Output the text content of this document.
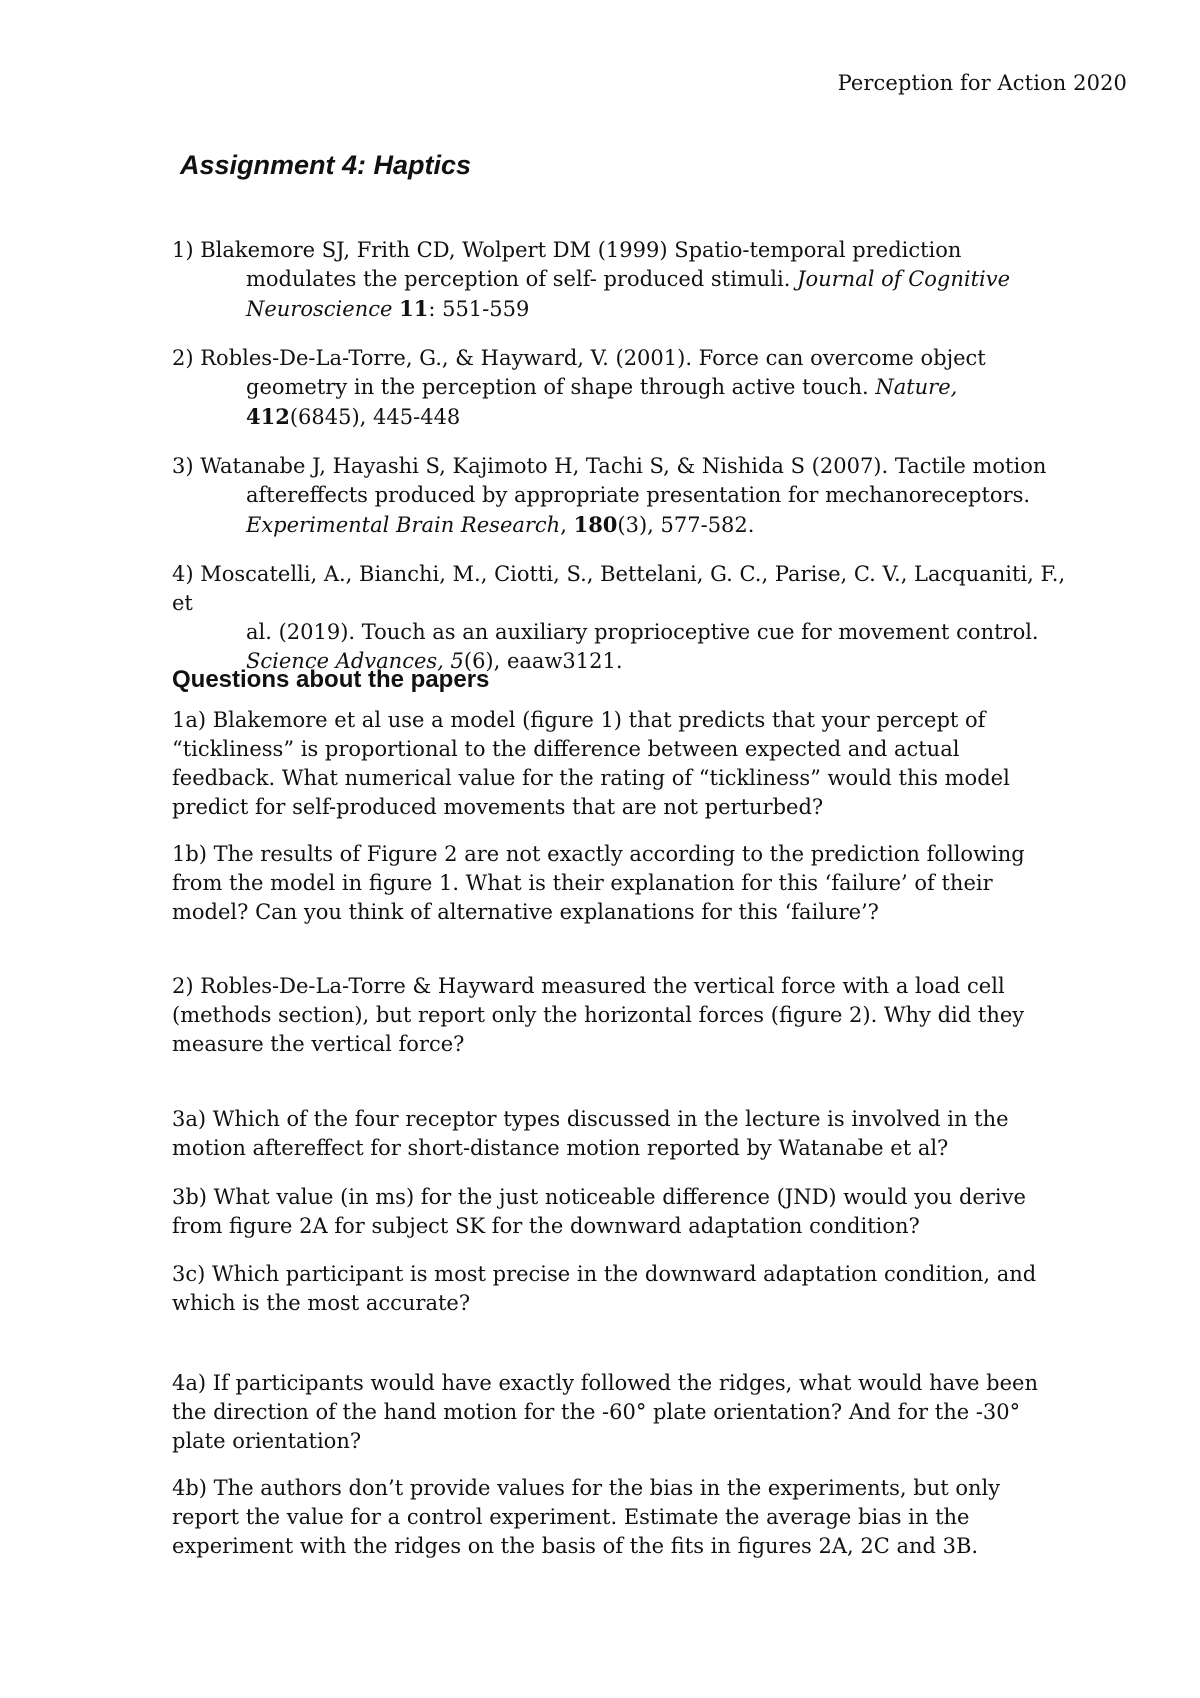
Perception for Action 2020
Assignment 4: Haptics

1) Blakemore SJ, Frith CD, Wolpert DM (1999) Spatio-temporal prediction
modulates the perception of self- produced stimuli. Journal of Cognitive
Neuroscience 11: 551-559

2) Robles-De-La-Torre, G., & Hayward, V. (2001). Force can overcome object
geometry in the perception of shape through active touch. Nature,
412(6845), 445-448

3) Watanabe J, Hayashi S, Kajimoto H, Tachi S, & Nishida S (2007). Tactile motion
aftereffects produced by appropriate presentation for mechanoreceptors.
Experimental Brain Research, 180(3), 577-582.

4) Moscatelli, A., Bianchi, M., Ciotti, S., Bettelani, G. C., Parise, C. V., Lacquaniti, F., et
al. (2019). Touch as an auxiliary proprioceptive cue for movement control.
Science Advances, 5(6), eaaw3121.

Questions about the papers

1a) Blakemore et al use a model (figure 1) that predicts that your percept of
“tickliness” is proportional to the difference between expected and actual
feedback. What numerical value for the rating of “tickliness” would this model
predict for self-produced movements that are not perturbed?

1b) The results of Figure 2 are not exactly according to the prediction following
from the model in figure 1. What is their explanation for this ‘failure’ of their
model? Can you think of alternative explanations for this ‘failure’?

2) Robles-De-La-Torre & Hayward measured the vertical force with a load cell
(methods section), but report only the horizontal forces (figure 2). Why did they
measure the vertical force?

3a) Which of the four receptor types discussed in the lecture is involved in the
motion aftereffect for short-distance motion reported by Watanabe et al?

3b) What value (in ms) for the just noticeable difference (JND) would you derive
from figure 2A for subject SK for the downward adaptation condition?

3c) Which participant is most precise in the downward adaptation condition, and
which is the most accurate?

4a) If participants would have exactly followed the ridges, what would have been
the direction of the hand motion for the -60° plate orientation? And for the -30°
plate orientation?

4b) The authors don’t provide values for the bias in the experiments, but only
report the value for a control experiment. Estimate the average bias in the
experiment with the ridges on the basis of the fits in figures 2A, 2C and 3B.
